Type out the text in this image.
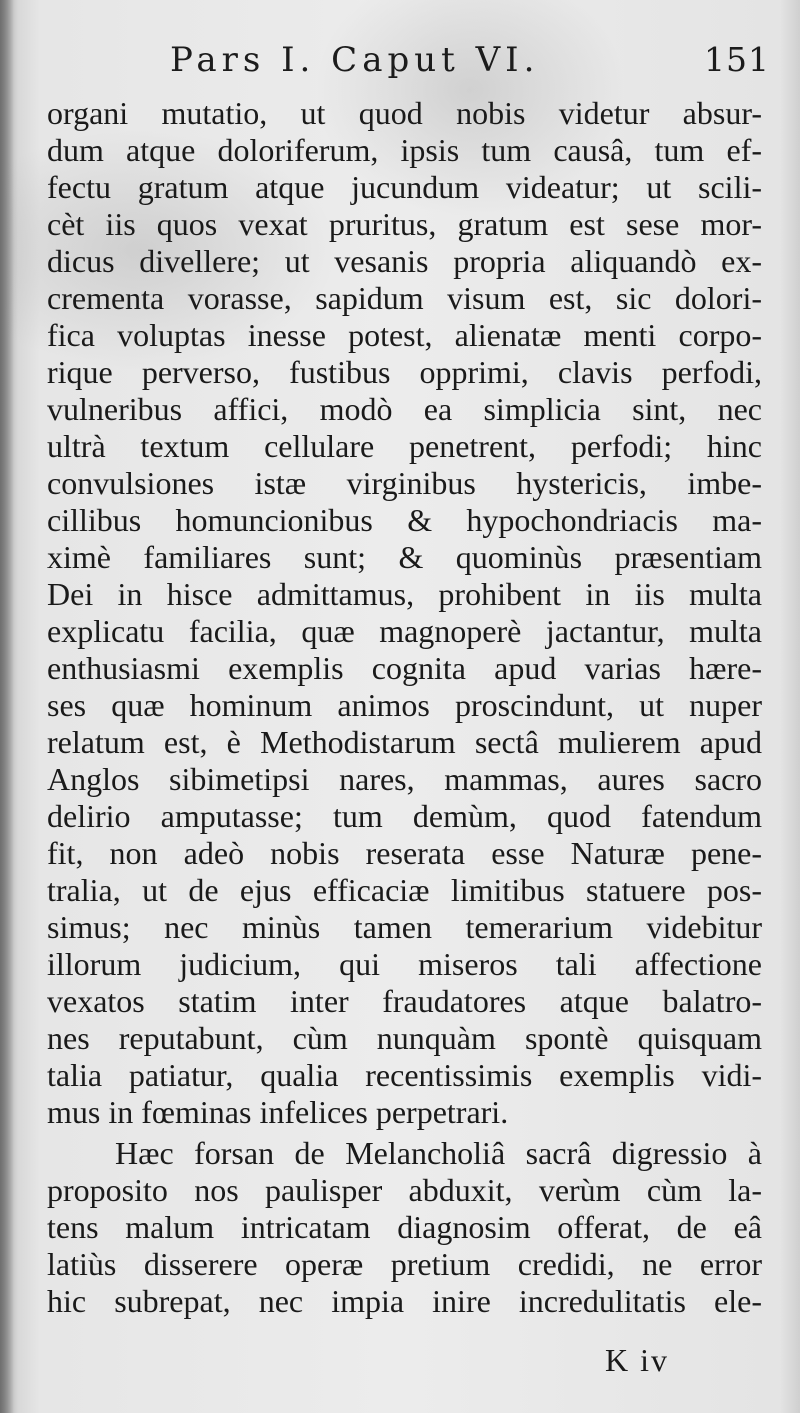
Pars I. Caput VI.	151
organi mutatio, ut quod nobis videtur absur-
dum atque doloriferum, ipsis tum causâ, tum ef-
fectu gratum atque jucundum videatur; ut scili-
cèt iis quos vexat pruritus, gratum est sese mor-
dicus divellere; ut vesanis propria aliquandò ex-
crementa vorasse, sapidum visum est, sic dolori-
fica voluptas inesse potest, alienatæ menti corpo-
rique perverso, fustibus opprimi, clavis perfodi,
vulneribus affici, modò ea simplicia sint, nec
ultrà textum cellulare penetrent, perfodi; hinc
convulsiones istæ virginibus hystericis, imbe-
cillibus homuncionibus & hypochondriacis ma-
ximè familiares sunt; & quominùs præsentiam
Dei in hisce admittamus, prohibent in iis multa
explicatu facilia, quæ magnoperè jactantur, multa
enthusiasmi exemplis cognita apud varias hære-
ses quæ hominum animos proscindunt, ut nuper
relatum est, è Methodistarum sectâ mulierem apud
Anglos sibimetipsi nares, mammas, aures sacro
delirio amputasse; tum demùm, quod fatendum
fit, non adeò nobis reserata esse Naturæ pene-
tralia, ut de ejus efficaciæ limitibus statuere pos-
simus; nec minùs tamen temerarium videbitur
illorum judicium, qui miseros tali affectione
vexatos statim inter fraudatores atque balatro-
nes reputabunt, cùm nunquàm spontè quisquam
talia patiatur, qualia recentissimis exemplis vidi-
mus in fœminas infelices perpetrari.
Hæc forsan de Melancholiâ sacrâ digressio à
proposito nos paulisper abduxit, verùm cùm la-
tens malum intricatam diagnosim offerat, de eâ
latiùs disserere operæ pretium credidi, ne error
hic subrepat, nec impia inire incredulitatis ele-
K iv
